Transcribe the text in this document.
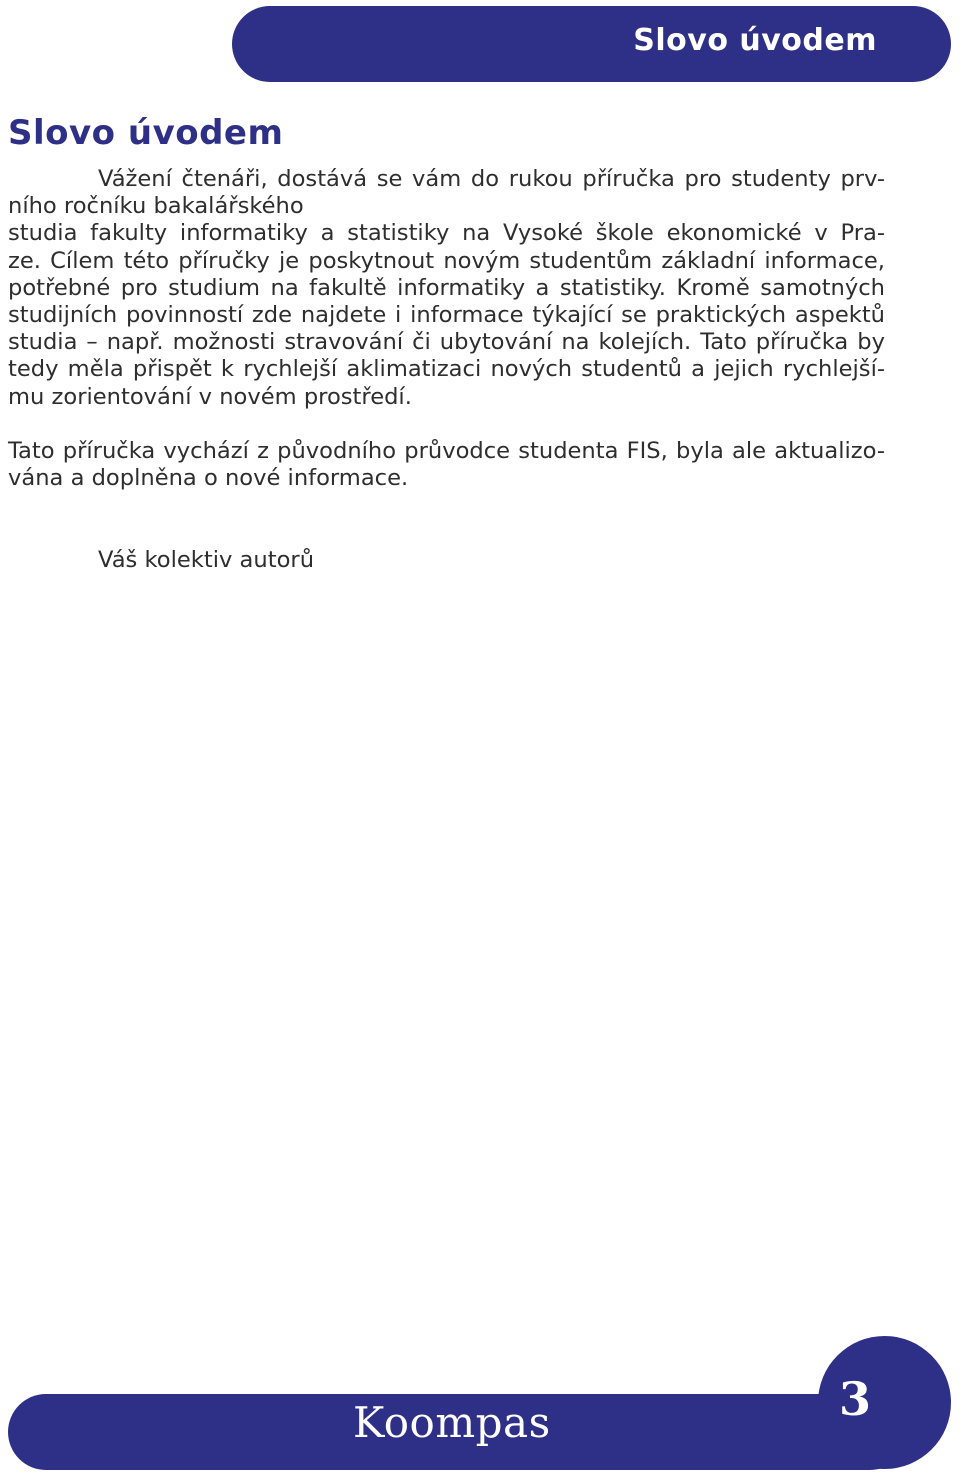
Slovo úvodem
Slovo úvodem
Vážení čtenáři, dostává se vám do rukou příručka pro studenty prv-
ního ročníku bakalářského
studia fakulty informatiky a statistiky na Vysoké škole ekonomické v Pra-
ze. Cílem této příručky je poskytnout novým studentům základní informace,
potřebné pro studium na fakultě informatiky a statistiky. Kromě samotných
studijních povinností zde najdete i informace týkající se praktických aspektů
studia – např. možnosti stravování či ubytování na kolejích. Tato příručka by
tedy měla přispět k rychlejší aklimatizaci nových studentů a jejich rychlejší-
mu zorientování v novém prostředí.
Tato příručka vychází z původního průvodce studenta FIS, byla ale aktualizo-
vána a doplněna o nové informace.

Váš kolektiv autorů

Koompas	3
